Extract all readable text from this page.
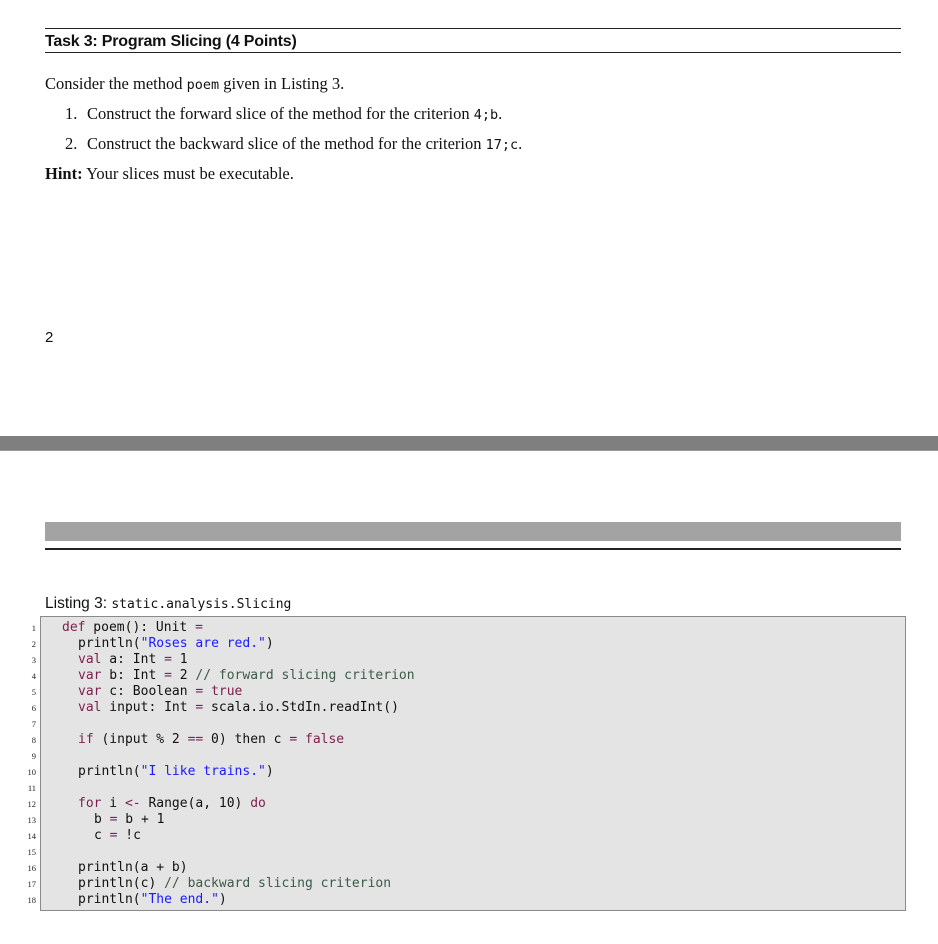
Task 3: Program Slicing (4 Points)
Consider the method poem given in Listing 3.
1. Construct the forward slice of the method for the criterion 4;b.
2. Construct the backward slice of the method for the criterion 17;c.
Hint: Your slices must be executable.
2
Listing 3: static.analysis.Slicing
1
2
3
4
5
6
7
8
9
10
11
12
13
14
15
16
17
18
def poem(): Unit =
println("Roses are red.")
val a: Int = 1
var b: Int = 2 // forward slicing criterion
var c: Boolean = true
val input: Int = scala.io.StdIn.readInt()
if (input % 2 == 0) then c = false
println("I like trains.")
for i <- Range(a, 10) do
b = b + 1
c = !c
println(a + b)
println(c) // backward slicing criterion
println("The end.")
